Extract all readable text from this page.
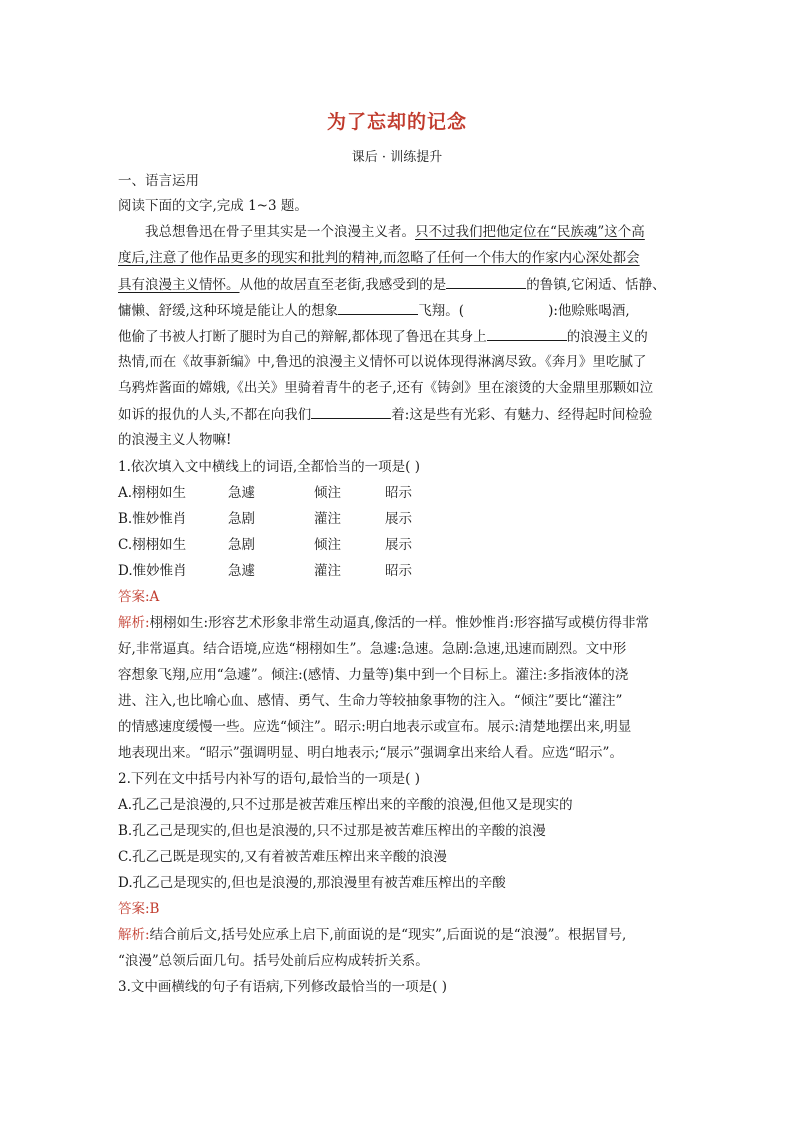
为了忘却的记念
课后 · 训练提升
一、语言运用
阅读下面的文字,完成 1~3 题。
我总想鲁迅在骨子里其实是一个浪漫主义者。只不过我们把他定位在“民族魂”这个高
度后,注意了他作品更多的现实和批判的精神,而忽略了任何一个伟大的作家内心深处都会
具有浪漫主义情怀。从他的故居直至老街,我感受到的是	的鲁镇,它闲适、恬静、
慵懒、舒缓,这种环境是能让人的想象	飞翔。(	):他赊账喝酒,
他偷了书被人打断了腿时为自己的辩解,都体现了鲁迅在其身上	的浪漫主义的
热情,而在《故事新编》中,鲁迅的浪漫主义情怀可以说体现得淋漓尽致。《奔月》里吃腻了
乌鸦炸酱面的嫦娥,《出关》里骑着青牛的老子,还有《铸剑》里在滚烫的大金鼎里那颗如泣
如诉的报仇的人头,不都在向我们	着:这是些有光彩、有魅力、经得起时间检验
的浪漫主义人物嘛!
1.依次填入文中横线上的词语,全都恰当的一项是( )
A.栩栩如生	急遽	倾注	昭示
B.惟妙惟肖	急剧	灌注	展示
C.栩栩如生	急剧	倾注	展示
D.惟妙惟肖	急遽	灌注	昭示
答案:A
解析:栩栩如生:形容艺术形象非常生动逼真,像活的一样。惟妙惟肖:形容描写或模仿得非常
好,非常逼真。结合语境,应选“栩栩如生”。急遽:急速。急剧:急速,迅速而剧烈。文中形
容想象飞翔,应用“急遽”。倾注:(感情、力量等)集中到一个目标上。灌注:多指液体的浇
进、注入,也比喻心血、感情、勇气、生命力等较抽象事物的注入。“倾注”要比“灌注”
的情感速度缓慢一些。应选“倾注”。昭示:明白地表示或宣布。展示:清楚地摆出来,明显
地表现出来。“昭示”强调明显、明白地表示;“展示”强调拿出来给人看。应选“昭示”。
2.下列在文中括号内补写的语句,最恰当的一项是( )
A.孔乙己是浪漫的,只不过那是被苦难压榨出来的辛酸的浪漫,但他又是现实的
B.孔乙己是现实的,但也是浪漫的,只不过那是被苦难压榨出的辛酸的浪漫
C.孔乙己既是现实的,又有着被苦难压榨出来辛酸的浪漫
D.孔乙己是现实的,但也是浪漫的,那浪漫里有被苦难压榨出的辛酸
答案:B
解析:结合前后文,括号处应承上启下,前面说的是“现实”,后面说的是“浪漫”。根据冒号,
“浪漫”总领后面几句。括号处前后应构成转折关系。
3.文中画横线的句子有语病,下列修改最恰当的一项是( )
